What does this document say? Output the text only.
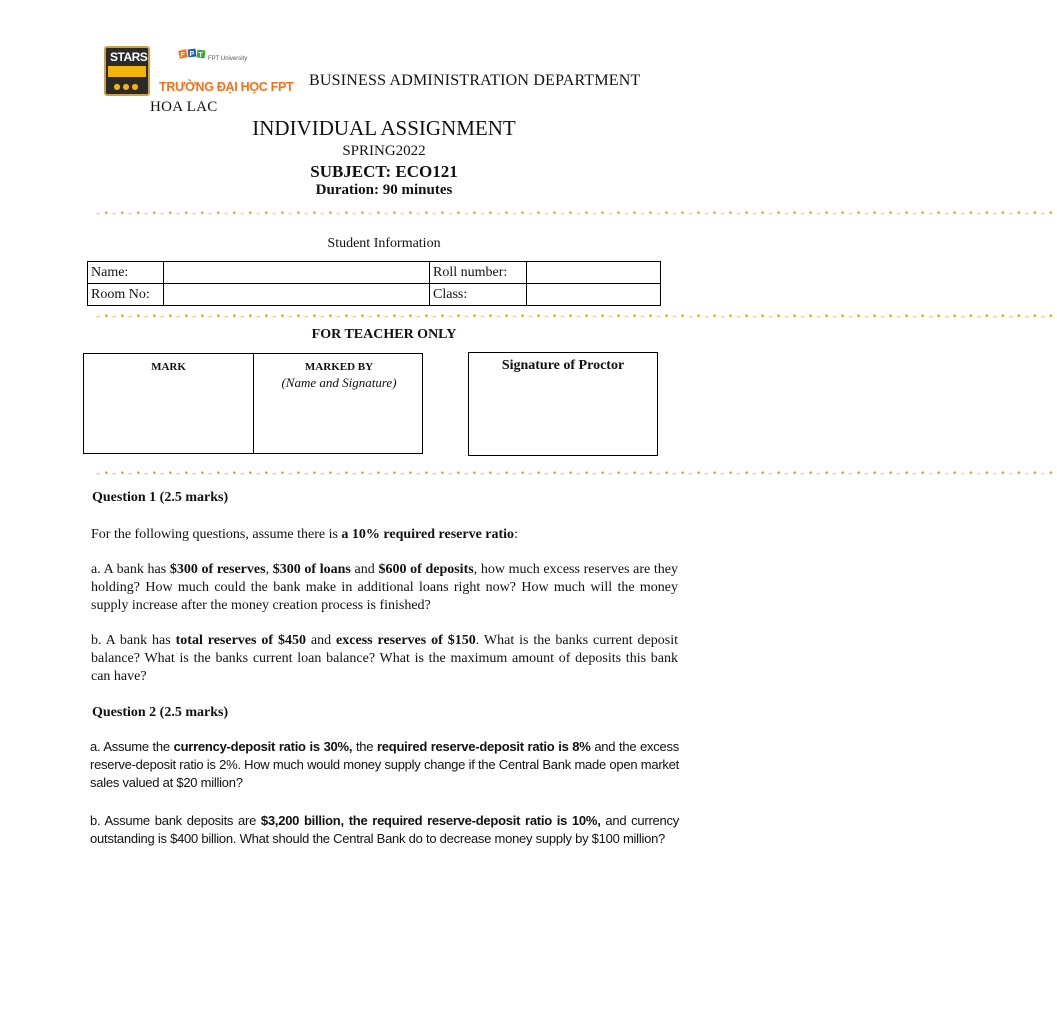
STARS
●●●
F P T FPT University
TRƯỜNG ĐẠI HỌC FPT
HOA LAC
BUSINESS ADMINISTRATION DEPARTMENT
INDIVIDUAL ASSIGNMENT
SPRING2022
SUBJECT: ECO121
Duration: 90 minutes
–•–•–•–•–•–•–•–•–•–•–•–•–•–•–•–•–•–•–•–•–•–•–•–•–•–•–•–•–•–•–•–•–•–•–•–•–•–•–•–•–•–•–•–•–•–•–•–•–•–•–•–•–•–•–•–•–•–•–•–•
Student Information
Name:		Roll number:	
Room No:		Class:	
–•–•–•–•–•–•–•–•–•–•–•–•–•–•–•–•–•–•–•–•–•–•–•–•–•–•–•–•–•–•–•–•–•–•–•–•–•–•–•–•–•–•–•–•–•–•–•–•–•–•–•–•–•–•–•–•–•–•–•–•
FOR TEACHER ONLY
MARK	MARKED BY
(Name and Signature)
Signature of Proctor
–•–•–•–•–•–•–•–•–•–•–•–•–•–•–•–•–•–•–•–•–•–•–•–•–•–•–•–•–•–•–•–•–•–•–•–•–•–•–•–•–•–•–•–•–•–•–•–•–•–•–•–•–•–•–•–•–•–•–•–•
Question 1 (2.5 marks)
For the following questions, assume there is a 10% required reserve ratio:
a. A bank has $300 of reserves, $300 of loans and $600 of deposits, how much excess reserves are they holding? How much could the bank make in additional loans right now? How much will the money supply increase after the money creation process is finished?
b. A bank has total reserves of $450 and excess reserves of $150. What is the banks current deposit balance? What is the banks current loan balance? What is the maximum amount of deposits this bank can have?
Question 2 (2.5 marks)
a. Assume the currency-deposit ratio is 30%, the required reserve-deposit ratio is 8% and the excess reserve-deposit ratio is 2%. How much would money supply change if the Central Bank made open market sales valued at $20 million?
b. Assume bank deposits are $3,200 billion, the required reserve-deposit ratio is 10%, and currency outstanding is $400 billion. What should the Central Bank do to decrease money supply by $100 million?
